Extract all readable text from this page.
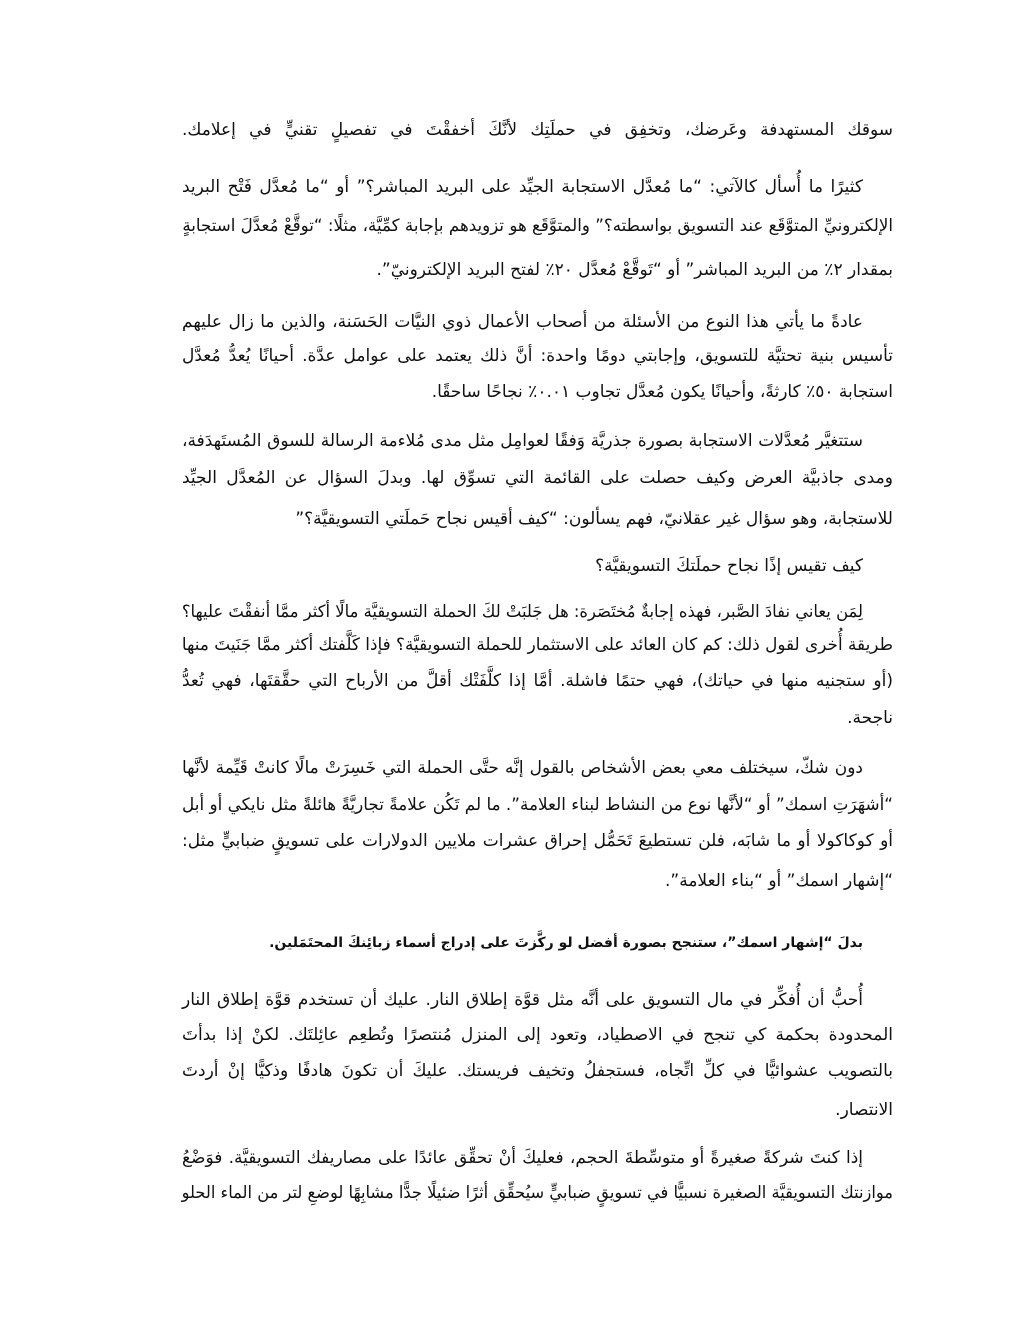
سوقك المستهدفة وعَرضك، وتخفِق في حملَتِك لأنَّكَ أخفقْتَ في تفصيلٍ تقنيٍّ في إعلامك.
كثيرًا ما أُسأل كالآتي: “ما مُعدَّل الاستجابة الجيِّد على البريد المباشر؟” أو “ما مُعدَّل فَتْح البريد
الإلكترونيِّ المتوَّقَع عند التسويق بواسطته؟” والمتوَّقَع هو تزويدهم بإجابة كمِّيَّة، مثلًا: “توقَّعْ مُعدَّلَ استجابةٍ
بمقدار ٢٪ من البريد المباشر” أو “تَوقَّعْ مُعدَّل ٢٠٪ لفتح البريد الإلكترونيّ”.
عادةً ما يأتي هذا النوع من الأسئلة من أصحاب الأعمال ذوي النيَّات الحَسَنة، والذين ما زال عليهم
تأسيس بنية تحتيَّة للتسويق، وإجابتي دومًا واحدة: أنَّ ذلك يعتمد على عوامل عدَّة. أحيانًا يُعدُّ مُعدَّل
استجابة ٥٠٪ كارثةً، وأحيانًا يكون مُعدَّل تجاوب ٠.٠١٪ نجاحًا ساحقًا.
ستتغيَّر مُعدَّلات الاستجابة بصورة جذريَّة وَفقًا لعوامِل مثل مدى مُلاءمة الرسالة للسوق المُستَهدَفة،
ومدى جاذبيَّة العرض وكيف حصلت على القائمة التي تسوِّق لها. وبدلَ السؤال عن المُعدَّل الجيِّد
للاستجابة، وهو سؤال غير عقلانيّ، فهم يسألون: “كيف أقيس نجاح حَملَتي التسويقيَّة؟”
كيف تقيس إذًا نجاح حملَتكَ التسويقيَّة؟
لِمَن يعاني نفادَ الصَّبر، فهذه إجابةٌ مُختَصَرة: هل جَلبَتْ لكَ الحملة التسويقيَّة مالًا أكثر ممَّا أنفقْتَ عليها؟
طريقة أُخرى لقول ذلك: كم كان العائد على الاستثمار للحملة التسويقيَّة؟ فإذا كَلَّفتك أكثر ممَّا جَنَيتَ منها
(أو ستجنيه منها في حياتك)، فهي حتمًا فاشلة. أمَّا إذا كلَّفَتْك أقلَّ من الأرباح التي حقَّقتَها، فهي تُعدُّ
ناجحة.
دون شكّ، سيختلف معي بعض الأشخاص بالقول إنَّه حتَّى الحملة التي خَسِرَتْ مالًا كانتْ قَيِّمة لأنَّها
“أشهَرَتِ اسمك” أو “لأنَّها نوع من النشاط لبناء العلامة”. ما لم تَكُن علامةً تجاريَّةً هائلةً مثل نايكي أو أبل
أو كوكاكولا أو ما شابَه، فلن تستطيعَ تَحَمُّل إحراق عشرات ملايين الدولارات على تسويقٍ ضبابيٍّ مثل:
“إشهار اسمك” أو “بناء العلامة”.
بدلَ “إشهار اسمك”، ستنجح بصورة أفضل لو ركَّزتَ على إدراج أسماء زبائِنكَ المحتَمَلين.
أُحبُّ أن أُفكِّر في مال التسويق على أنَّه مثل قوَّة إطلاق النار. عليك أن تستخدم قوَّة إطلاق النار
المحدودة بحكمة كي تنجح في الاصطياد، وتعود إلى المنزل مُنتصرًا وتُطعِم عائِلتَك. لكنْ إذا بدأتَ
بالتصويب عشوائيًّا في كلِّ اتِّجاه، فستجفلُ وتخيف فريستك. عليكَ أن تكونَ هادفًا وذكيًّا إنْ أردتَ
الانتصار.
إذا كنتَ شركةً صغيرةً أو متوسِّطةَ الحجم، فعليكَ أنْ تحقِّق عائدًا على مصاريفك التسويقيَّة. فوَضْعُ
موازنتك التسويقيَّة الصغيرة نسبيًّا في تسويقٍ ضبابيٍّ سيُحقِّق أثرًا ضئيلًا جدًّا مشابِهًا لوضعِ لتر من الماء الحلو
